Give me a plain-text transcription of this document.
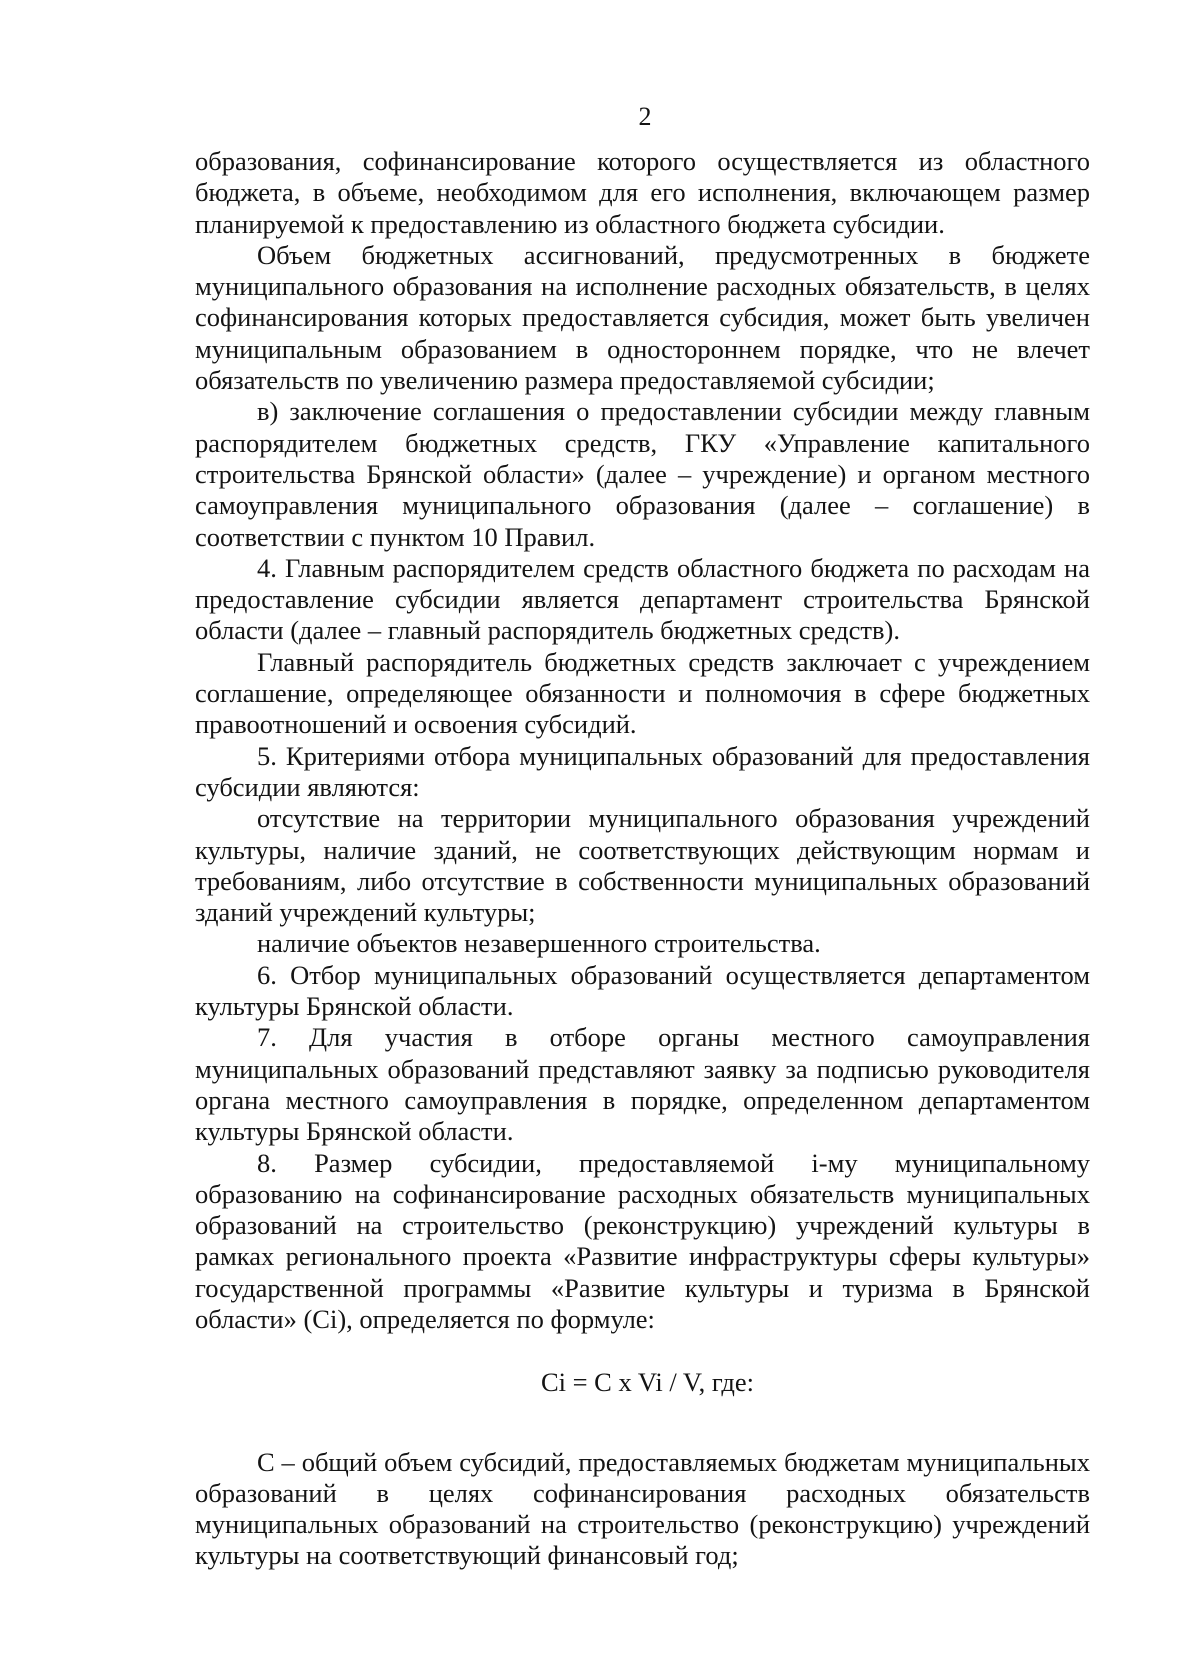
2

образования, софинансирование которого осуществляется из областного бюджета, в объеме, необходимом для его исполнения, включающем размер планируемой к предоставлению из областного бюджета субсидии.

Объем бюджетных ассигнований, предусмотренных в бюджете муниципального образования на исполнение расходных обязательств, в целях софинансирования которых предоставляется субсидия, может быть увеличен муниципальным образованием в одностороннем порядке, что не влечет обязательств по увеличению размера предоставляемой субсидии;

в) заключение соглашения о предоставлении субсидии между главным распорядителем бюджетных средств, ГКУ «Управление капитального строительства Брянской области» (далее – учреждение) и органом местного самоуправления муниципального образования (далее – соглашение) в соответствии с пунктом 10 Правил.

4. Главным распорядителем средств областного бюджета по расходам на предоставление субсидии является департамент строительства Брянской области (далее – главный распорядитель бюджетных средств).

Главный распорядитель бюджетных средств заключает с учреждением соглашение, определяющее обязанности и полномочия в сфере бюджетных правоотношений и освоения субсидий.

5. Критериями отбора муниципальных образований для предоставления субсидии являются:

отсутствие на территории муниципального образования учреждений культуры, наличие зданий, не соответствующих действующим нормам и требованиям, либо отсутствие в собственности муниципальных образований зданий учреждений культуры;

наличие объектов незавершенного строительства.

6. Отбор муниципальных образований осуществляется департаментом культуры Брянской области.

7. Для участия в отборе органы местного самоуправления муниципальных образований представляют заявку за подписью руководителя органа местного самоуправления в порядке, определенном департаментом культуры Брянской области.

8. Размер субсидии, предоставляемой i-му муниципальному образованию на софинансирование расходных обязательств муниципальных образований на строительство (реконструкцию) учреждений культуры в рамках регионального проекта «Развитие инфраструктуры сферы культуры» государственной программы «Развитие культуры и туризма в Брянской области» (Ci), определяется по формуле:

Ci = C x Vi / V, где:

C – общий объем субсидий, предоставляемых бюджетам муниципальных образований в целях софинансирования расходных обязательств муниципальных образований на строительство (реконструкцию) учреждений культуры на соответствующий финансовый год;
